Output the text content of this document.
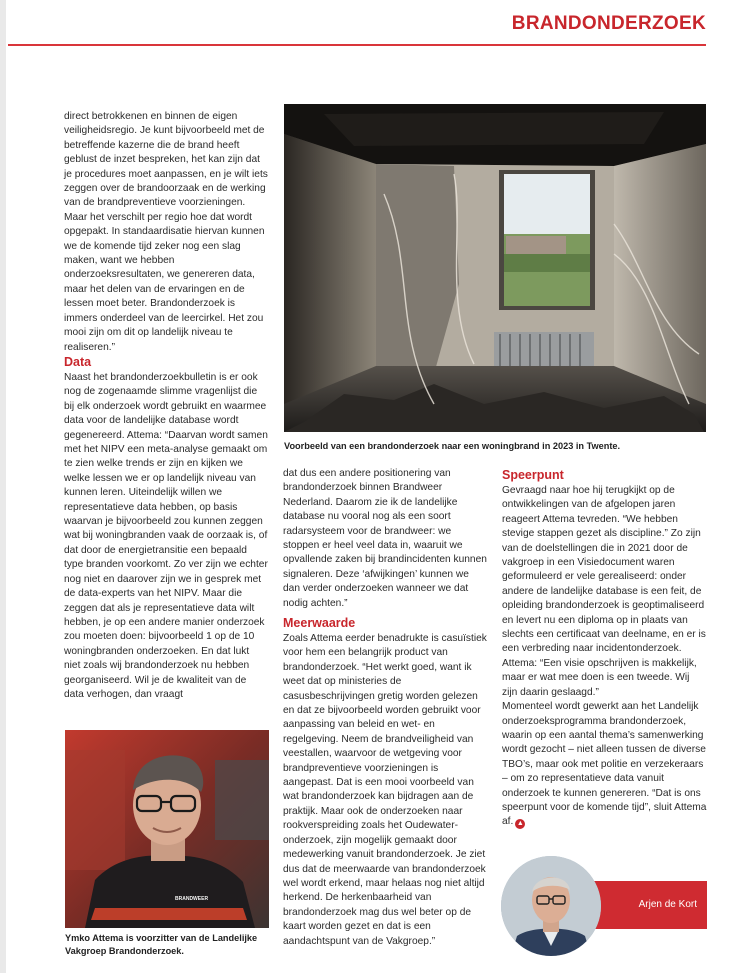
BRANDONDERZOEK

direct betrokkenen en binnen de eigen veiligheidsregio. Je kunt bijvoorbeeld met de betreffende kazerne die de brand heeft geblust de inzet bespreken, het kan zijn dat je procedures moet aanpassen, en je wilt iets zeggen over de brandoorzaak en de werking van de brandpreventieve voorzieningen. Maar het verschilt per regio hoe dat wordt opgepakt. In standaardisatie hiervan kunnen we de komende tijd zeker nog een slag maken, want we hebben onderzoeksresultaten, we genereren data, maar het delen van de ervaringen en de lessen moet beter. Brandonderzoek is immers onderdeel van de leercirkel. Het zou mooi zijn om dit op landelijk niveau te realiseren.”

Data

Naast het brandonderzoekbulletin is er ook nog de zogenaamde slimme vragenlijst die bij elk onderzoek wordt gebruikt en waarmee data voor de landelijke database wordt gegenereerd. Attema: “Daarvan wordt samen met het NIPV een meta-analyse gemaakt om te zien welke trends er zijn en kijken we welke lessen we er op landelijk niveau van kunnen leren. Uiteindelijk willen we representatieve data hebben, op basis waarvan je bijvoorbeeld zou kunnen zeggen wat bij woningbranden vaak de oorzaak is, of dat door de energietransitie een bepaald type branden voorkomt. Zo ver zijn we echter nog niet en daarover zijn we in gesprek met de data-experts van het NIPV. Maar die zeggen dat als je representatieve data wilt hebben, je op een andere manier onderzoek zou moeten doen: bijvoorbeeld 1 op de 10 woningbranden onderzoeken. En dat lukt niet zoals wij brandonderzoek nu hebben georganiseerd. Wil je de kwaliteit van de data verhogen, dan vraagt

Voorbeeld van een brandonderzoek naar een woningbrand in 2023 in Twente.

dat dus een andere positionering van brandonderzoek binnen Brandweer Nederland. Daarom zie ik de landelijke database nu vooral nog als een soort radarsysteem voor de brandweer: we stoppen er heel veel data in, waaruit we opvallende zaken bij brandincidenten kunnen signaleren. Deze ‘afwijkingen’ kunnen we dan verder onderzoeken wanneer we dat nodig achten.”

Meerwaarde

Zoals Attema eerder benadrukte is casuïstiek voor hem een belangrijk product van brandonderzoek. “Het werkt goed, want ik weet dat op ministeries de casusbeschrijvingen gretig worden gelezen en dat ze bijvoorbeeld worden gebruikt voor aanpassing van beleid en wet- en regelgeving. Neem de brandveiligheid van veestallen, waarvoor de wetgeving voor brandpreventieve voorzieningen is aangepast. Dat is een mooi voorbeeld van wat brandonderzoek kan bijdragen aan de praktijk. Maar ook de onderzoeken naar rookverspreiding zoals het Oudewater-onderzoek, zijn mogelijk gemaakt door medewerking vanuit brandonderzoek. Je ziet dus dat de meerwaarde van brandonderzoek wel wordt erkend, maar helaas nog niet altijd herkend. De herkenbaarheid van brandonderzoek mag dus wel beter op de kaart worden gezet en dat is een aandachtspunt van de Vakgroep.”

Speerpunt

Gevraagd naar hoe hij terugkijkt op de ontwikkelingen van de afgelopen jaren reageert Attema tevreden. “We hebben stevige stappen gezet als discipline.” Zo zijn van de doelstellingen die in 2021 door de vakgroep in een Visiedocument waren geformuleerd er vele gerealiseerd: onder andere de landelijke database is een feit, de opleiding brandonderzoek is geoptimaliseerd en levert nu een diploma op in plaats van slechts een certificaat van deelname, en er is een verbreding naar incidentonderzoek. Attema: “Een visie opschrijven is makkelijk, maar er wat mee doen is een tweede. Wij zijn daarin geslaagd.”

Momenteel wordt gewerkt aan het Landelijk onderzoeksprogramma brandonderzoek, waarin op een aantal thema’s samenwerking wordt gezocht – niet alleen tussen de diverse TBO’s, maar ook met politie en verzekeraars – om zo representatieve data vanuit onderzoek te kunnen genereren. “Dat is ons speerpunt voor de komende tijd”, sluit Attema af. ▲

BRANDWEER
Ymko Attema is voorzitter van de Landelijke Vakgroep Brandonderzoek.
Arjen de Kort
